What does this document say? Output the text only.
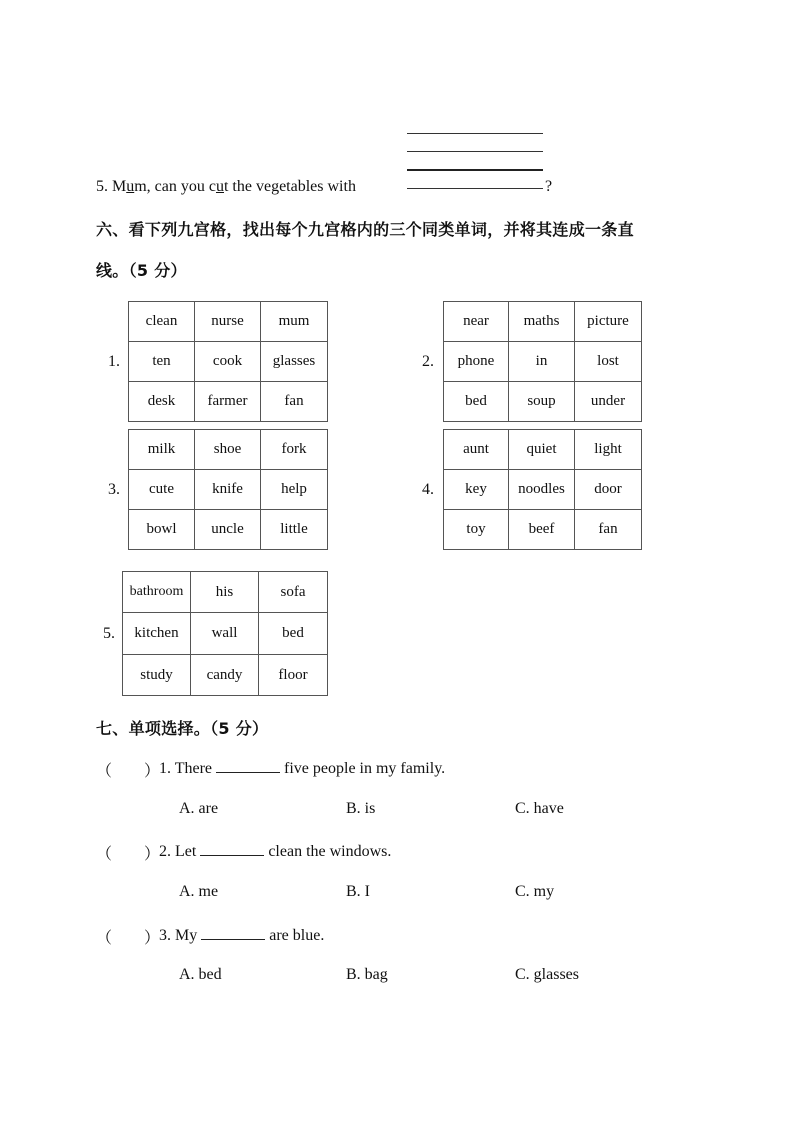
5. Mum, can you cut the vegetables with	?
六、看下列九宫格，找出每个九宫格内的三个同类单词，并将其连成一条直
线。（5 分）
1.
clean	nurse	mum
ten	cook	glasses
desk	farmer	fan
2.
near	maths	picture
phone	in	lost
bed	soup	under
3.
milk	shoe	fork
cute	knife	help
bowl	uncle	little
4.
aunt	quiet	light
key	noodles	door
toy	beef	fan
5.
bathroom	his	sofa
kitchen	wall	bed
study	candy	floor
七、单项选择。（5 分）
（　　）
1. There	five people in my family.
A. are	B. is	C. have
（　　）
2. Let	clean the windows.
A. me	B. I	C. my
（　　）
3. My	are blue.
A. bed	B. bag	C. glasses
